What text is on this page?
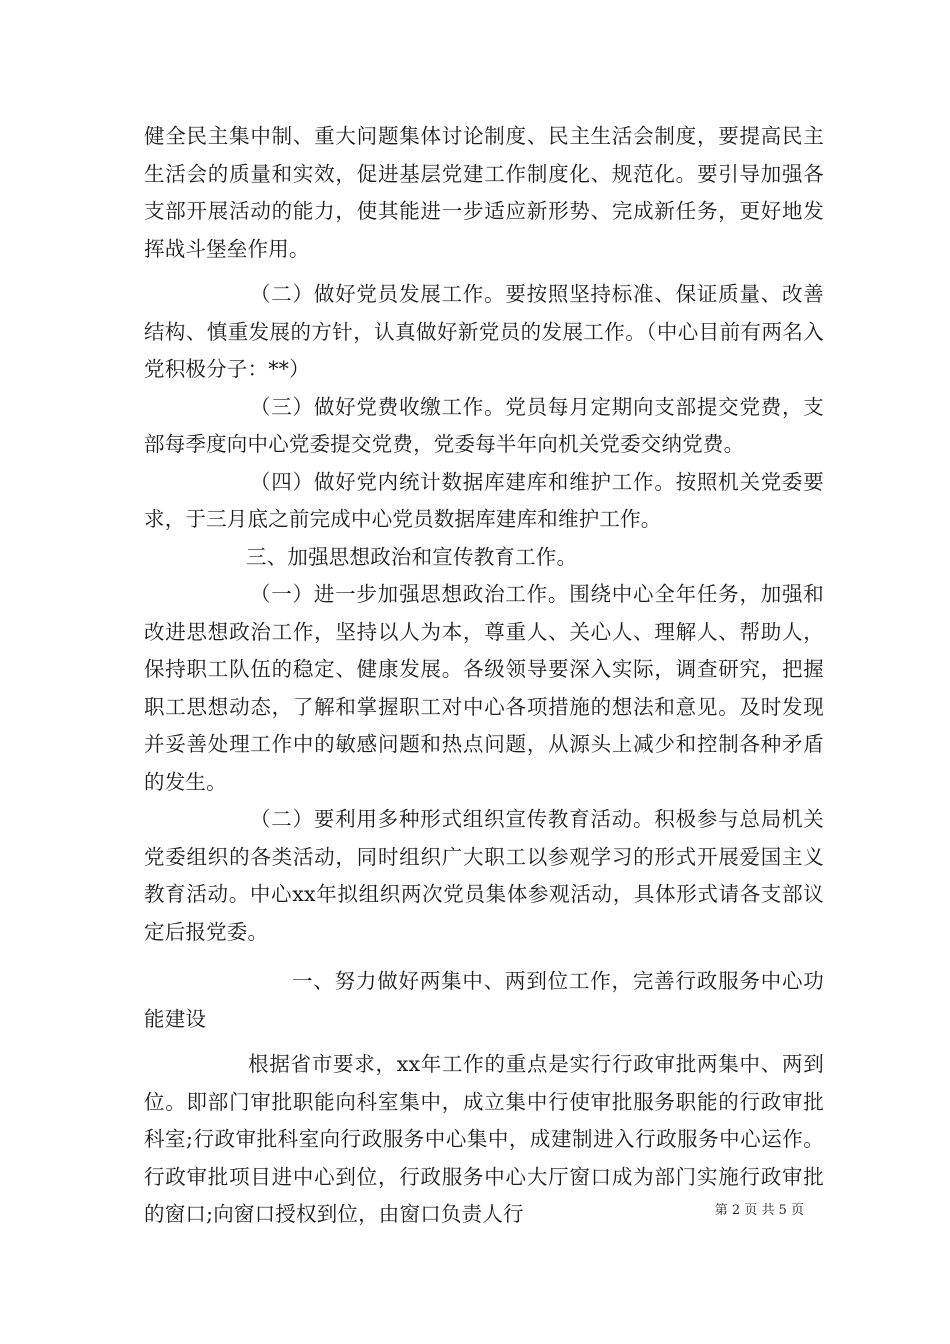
健全民主集中制、重大问题集体讨论制度、民主生活会制度，要提高民主生活会的质量和实效，促进基层党建工作制度化、规范化。要引导加强各支部开展活动的能力，使其能进一步适应新形势、完成新任务，更好地发挥战斗堡垒作用。

（二）做好党员发展工作。要按照坚持标准、保证质量、改善结构、慎重发展的方针，认真做好新党员的发展工作。（中心目前有两名入党积极分子：**）

（三）做好党费收缴工作。党员每月定期向支部提交党费，支部每季度向中心党委提交党费，党委每半年向机关党委交纳党费。

（四）做好党内统计数据库建库和维护工作。按照机关党委要求，于三月底之前完成中心党员数据库建库和维护工作。

三、加强思想政治和宣传教育工作。

（一）进一步加强思想政治工作。围绕中心全年任务，加强和改进思想政治工作，坚持以人为本，尊重人、关心人、理解人、帮助人，保持职工队伍的稳定、健康发展。各级领导要深入实际，调查研究，把握职工思想动态，了解和掌握职工对中心各项措施的想法和意见。及时发现并妥善处理工作中的敏感问题和热点问题，从源头上减少和控制各种矛盾的发生。

（二）要利用多种形式组织宣传教育活动。积极参与总局机关党委组织的各类活动，同时组织广大职工以参观学习的形式开展爱国主义教育活动。中心xx年拟组织两次党员集体参观活动，具体形式请各支部议定后报党委。

一、努力做好两集中、两到位工作，完善行政服务中心功能建设

根据省市要求，xx年工作的重点是实行行政审批两集中、两到位。即部门审批职能向科室集中，成立集中行使审批服务职能的行政审批科室;行政审批科室向行政服务中心集中，成建制进入行政服务中心运作。行政审批项目进中心到位，行政服务中心大厅窗口成为部门实施行政审批的窗口;向窗口授权到位，由窗口负责人行	第 2 页 共 5 页
